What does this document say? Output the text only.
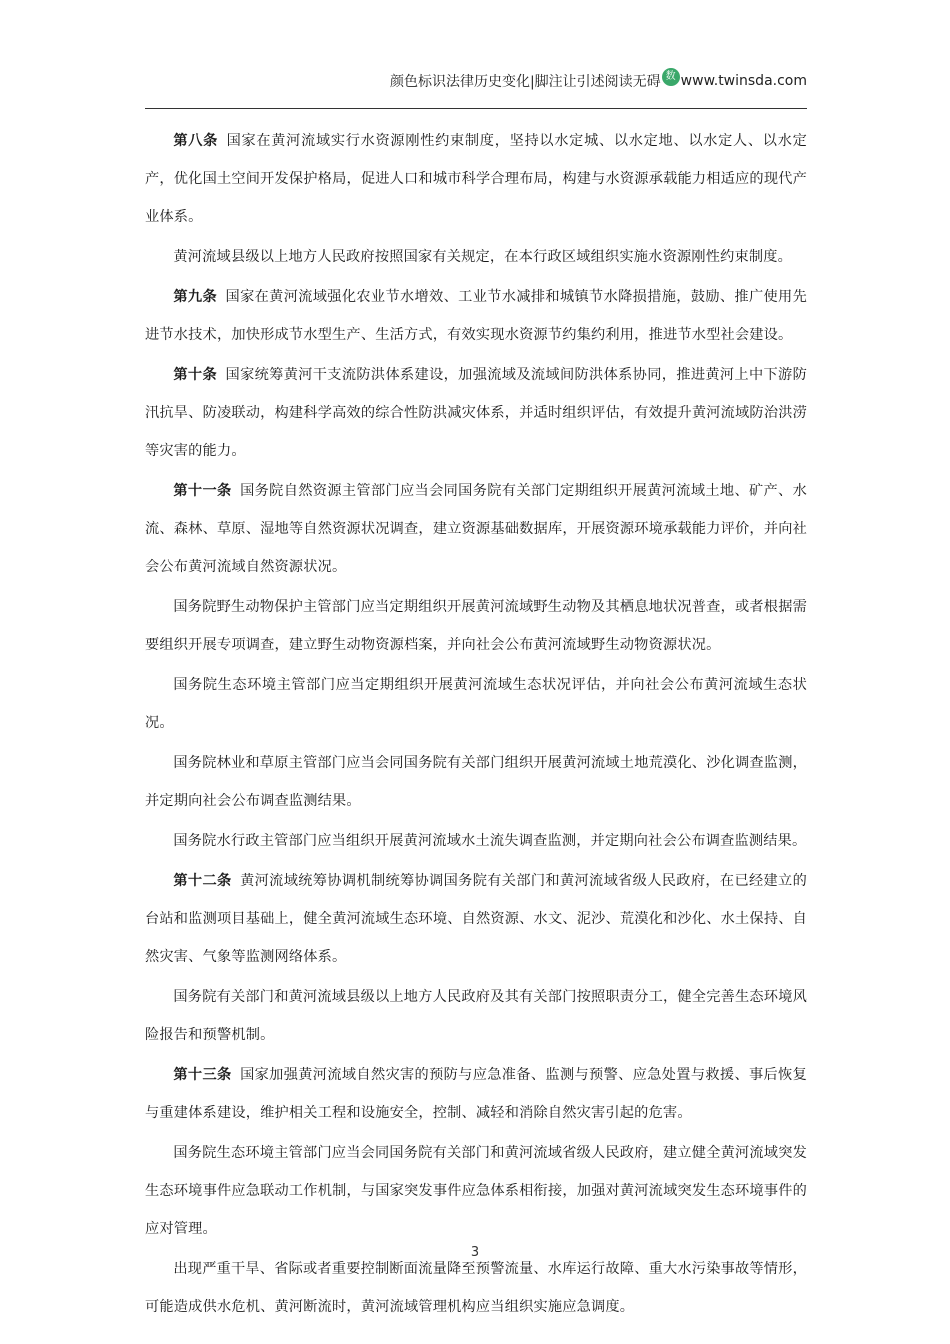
颜色标识法律历史变化|脚注让引述阅读无碍 数 www.twinsda.com

第八条 国家在黄河流域实行水资源刚性约束制度，坚持以水定城、以水定地、以水定人、以水定产，优化国土空间开发保护格局，促进人口和城市科学合理布局，构建与水资源承载能力相适应的现代产业体系。

黄河流域县级以上地方人民政府按照国家有关规定，在本行政区域组织实施水资源刚性约束制度。

第九条 国家在黄河流域强化农业节水增效、工业节水减排和城镇节水降损措施，鼓励、推广使用先进节水技术，加快形成节水型生产、生活方式，有效实现水资源节约集约利用，推进节水型社会建设。

第十条 国家统筹黄河干支流防洪体系建设，加强流域及流域间防洪体系协同，推进黄河上中下游防汛抗旱、防凌联动，构建科学高效的综合性防洪减灾体系，并适时组织评估，有效提升黄河流域防治洪涝等灾害的能力。

第十一条 国务院自然资源主管部门应当会同国务院有关部门定期组织开展黄河流域土地、矿产、水流、森林、草原、湿地等自然资源状况调查，建立资源基础数据库，开展资源环境承载能力评价，并向社会公布黄河流域自然资源状况。

国务院野生动物保护主管部门应当定期组织开展黄河流域野生动物及其栖息地状况普查，或者根据需要组织开展专项调查，建立野生动物资源档案，并向社会公布黄河流域野生动物资源状况。

国务院生态环境主管部门应当定期组织开展黄河流域生态状况评估，并向社会公布黄河流域生态状况。

国务院林业和草原主管部门应当会同国务院有关部门组织开展黄河流域土地荒漠化、沙化调查监测，并定期向社会公布调查监测结果。

国务院水行政主管部门应当组织开展黄河流域水土流失调查监测，并定期向社会公布调查监测结果。

第十二条 黄河流域统筹协调机制统筹协调国务院有关部门和黄河流域省级人民政府，在已经建立的台站和监测项目基础上，健全黄河流域生态环境、自然资源、水文、泥沙、荒漠化和沙化、水土保持、自然灾害、气象等监测网络体系。

国务院有关部门和黄河流域县级以上地方人民政府及其有关部门按照职责分工，健全完善生态环境风险报告和预警机制。

第十三条 国家加强黄河流域自然灾害的预防与应急准备、监测与预警、应急处置与救援、事后恢复与重建体系建设，维护相关工程和设施安全，控制、减轻和消除自然灾害引起的危害。

国务院生态环境主管部门应当会同国务院有关部门和黄河流域省级人民政府，建立健全黄河流域突发生态环境事件应急联动工作机制，与国家突发事件应急体系相衔接，加强对黄河流域突发生态环境事件的应对管理。

出现严重干旱、省际或者重要控制断面流量降至预警流量、水库运行故障、重大水污染事故等情形，可能造成供水危机、黄河断流时，黄河流域管理机构应当组织实施应急调度。

3
